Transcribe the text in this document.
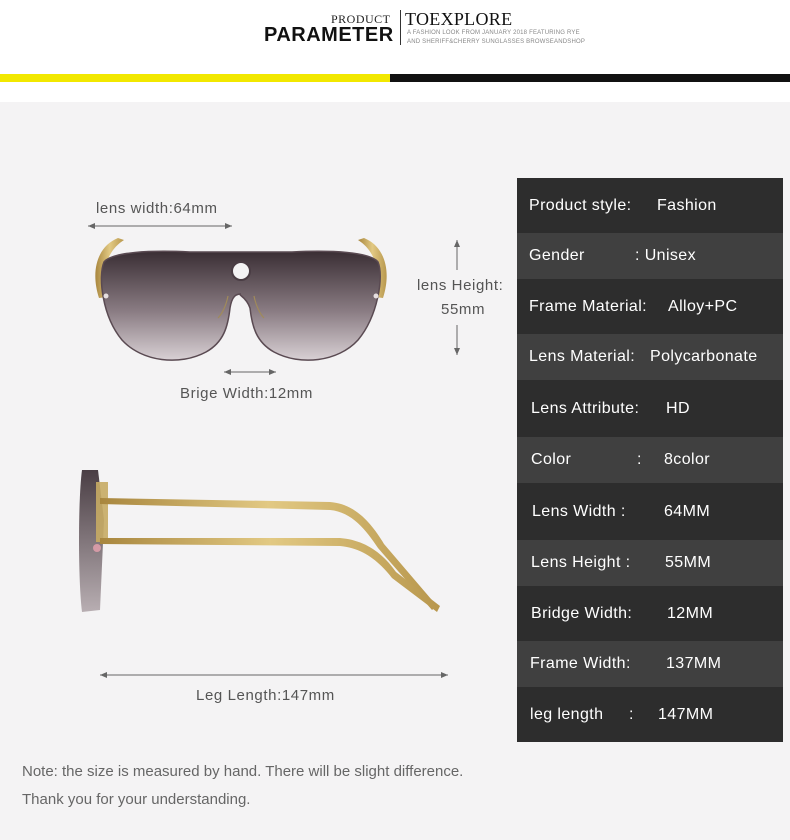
PRODUCT
PARAMETER
TOEXPLORE
A FASHION LOOK FROM JANUARY 2018 FEATURING RYE
AND SHERIFF&CHERRY SUNGLASSES BROWSEANDSHOP
lens width:64mm
lens Height:
55mm
Brige Width:12mm
Leg Length:147mm
Product style: Fashion
Gender	: Unisex
Frame Material: Alloy+PC
Lens Material: Polycarbonate
Lens Attribute: HD
Color	: 8color
Lens Width : 64MM
Lens Height : 55MM
Bridge Width: 12MM
Frame Width: 137MM
leg length : 147MM
Note: the size is measured by hand. There will be slight difference.
Thank you for your understanding.
